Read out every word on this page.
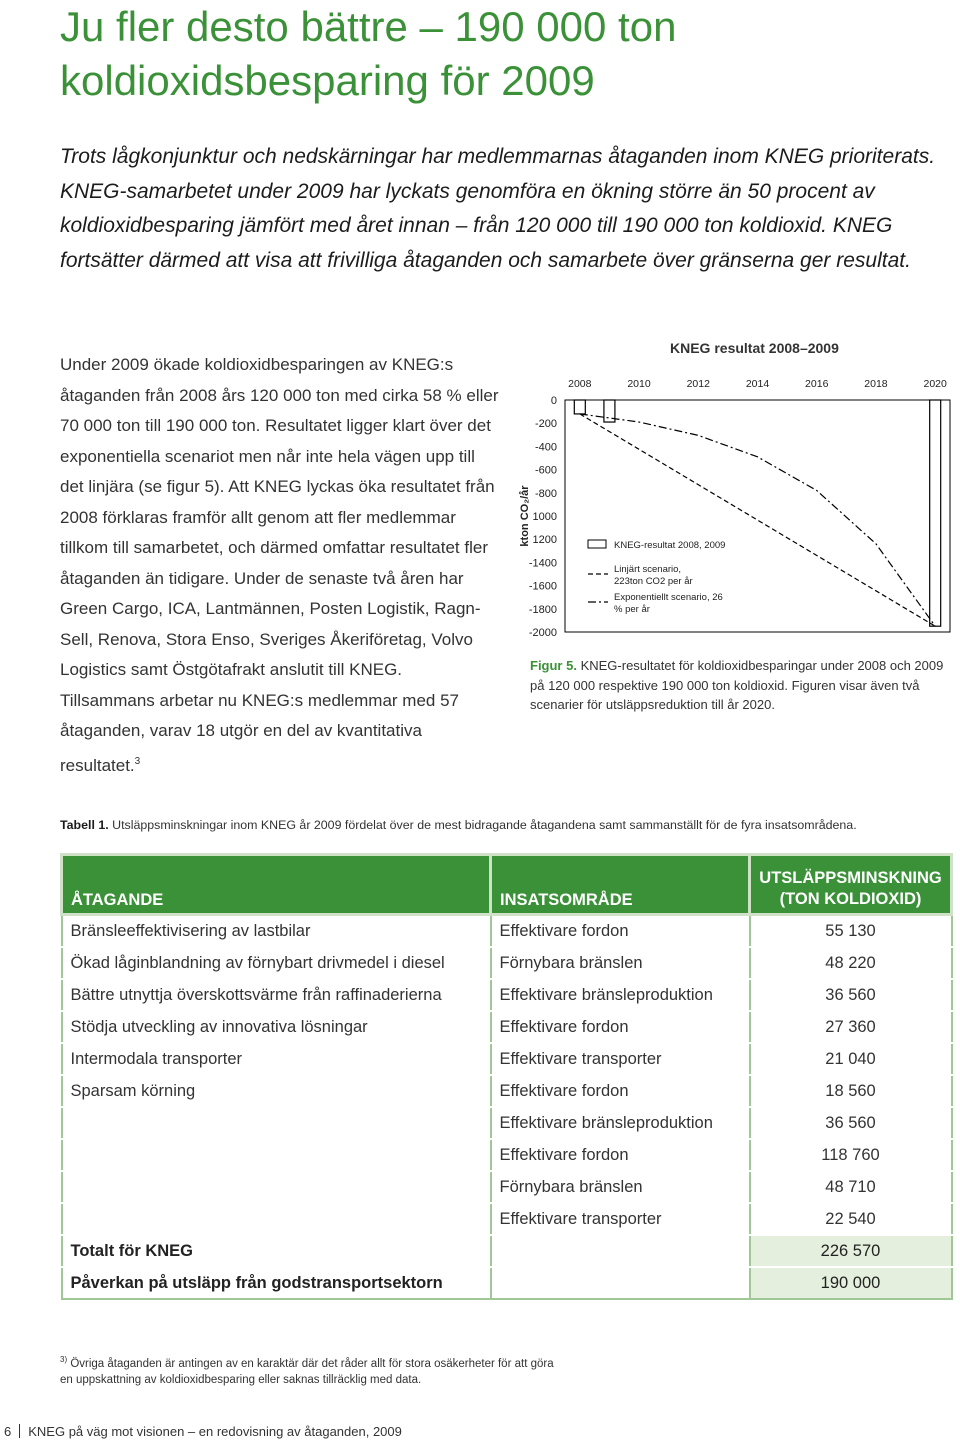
Ju fler desto bättre – 190 000 ton koldioxidsbesparing för 2009
Trots lågkonjunktur och nedskärningar har medlemmarnas åtaganden inom KNEG prioriterats. KNEG-samarbetet under 2009 har lyckats genomföra en ökning större än 50 procent av koldioxidbesparing jämfört med året innan – från 120 000 till 190 000 ton koldioxid. KNEG fortsätter därmed att visa att frivilliga åtaganden och samarbete över gränserna ger resultat.
Under 2009 ökade koldioxidbesparingen av KNEG:s åtaganden från 2008 års 120 000 ton med cirka 58 % eller 70 000 ton till 190 000 ton. Resultatet ligger klart över det exponentiella scenariot men når inte hela vägen upp till det linjära (se figur 5). Att KNEG lyckas öka resultatet från 2008 förklaras framför allt genom att fler medlemmar tillkom till samarbetet, och därmed omfattar resultatet fler åtaganden än tidigare. Under de senaste två åren har Green Cargo, ICA, Lantmännen, Posten Logistik, Ragn-Sell, Renova, Stora Enso, Sveriges Åkeriföretag, Volvo Logistics samt Östgötafrakt anslutit till KNEG. Tillsammans arbetar nu KNEG:s medlemmar med 57 åtaganden, varav 18 utgör en del av kvantitativa resultatet.$^3$
KNEG resultat 2008–2009
0
-200
-400
-600
-800
1000
1200
-1400
-1600
-1800
-2000
2008	2010	2012	2014	2016	2018	2020
kton CO₂/år	KNEG-resultat 2008, 2009
Linjärt scenario, 223ton CO2 per år
Exponentiellt scenario, 26 % per år
Figur 5. KNEG-resultatet för koldioxidbesparingar under 2008 och 2009 på 120 000 respektive 190 000 ton koldioxid. Figuren visar även två scenarier för utsläppsreduktion till år 2020.
Tabell 1. Utsläppsminskningar inom KNEG år 2009 fördelat över de mest bidragande åtagandena samt sammanställt för de fyra insatsområdena.
ÅTAGANDE	INSATSOMRÅDE	UTSLÄPPSMINSKNING
(TON KOLDIOXID)
Bränsleeffektivisering av lastbilar	Effektivare fordon	55 130
Ökad låginblandning av förnybart drivmedel i diesel	Förnybara bränslen	48 220
Bättre utnyttja överskottsvärme från raffinaderierna	Effektivare bränsleproduktion	36 560
Stödja utveckling av innovativa lösningar	Effektivare fordon	27 360
Intermodala transporter	Effektivare transporter	21 040
Sparsam körning	Effektivare fordon	18 560
	Effektivare bränsleproduktion	36 560
	Effektivare fordon	118 760
	Förnybara bränslen	48 710
	Effektivare transporter	22 540
Totalt för KNEG		226 570
Påverkan på utsläpp från godstransportsektorn		190 000
$^{3)}$ Övriga åtaganden är antingen av en karaktär där det råder allt för stora osäkerheter för att göra en uppskattning av koldioxidbesparing eller saknas tillräcklig med data.
6 KNEG på väg mot visionen – en redovisning av åtaganden, 2009
